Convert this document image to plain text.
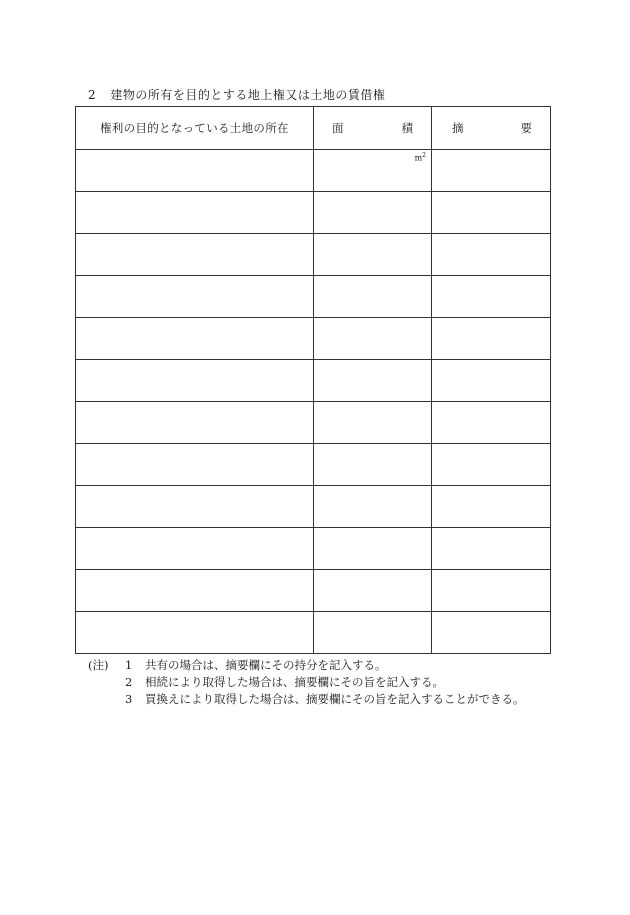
2 建物の所有を目的とする地上権又は土地の賃借権
権利の目的となっている土地の所在	面 積	摘 要

	$m^2$

(注)	1	共有の場合は、摘要欄にその持分を記入する。
2	相続により取得した場合は、摘要欄にその旨を記入する。
3	買換えにより取得した場合は、摘要欄にその旨を記入することができる。
